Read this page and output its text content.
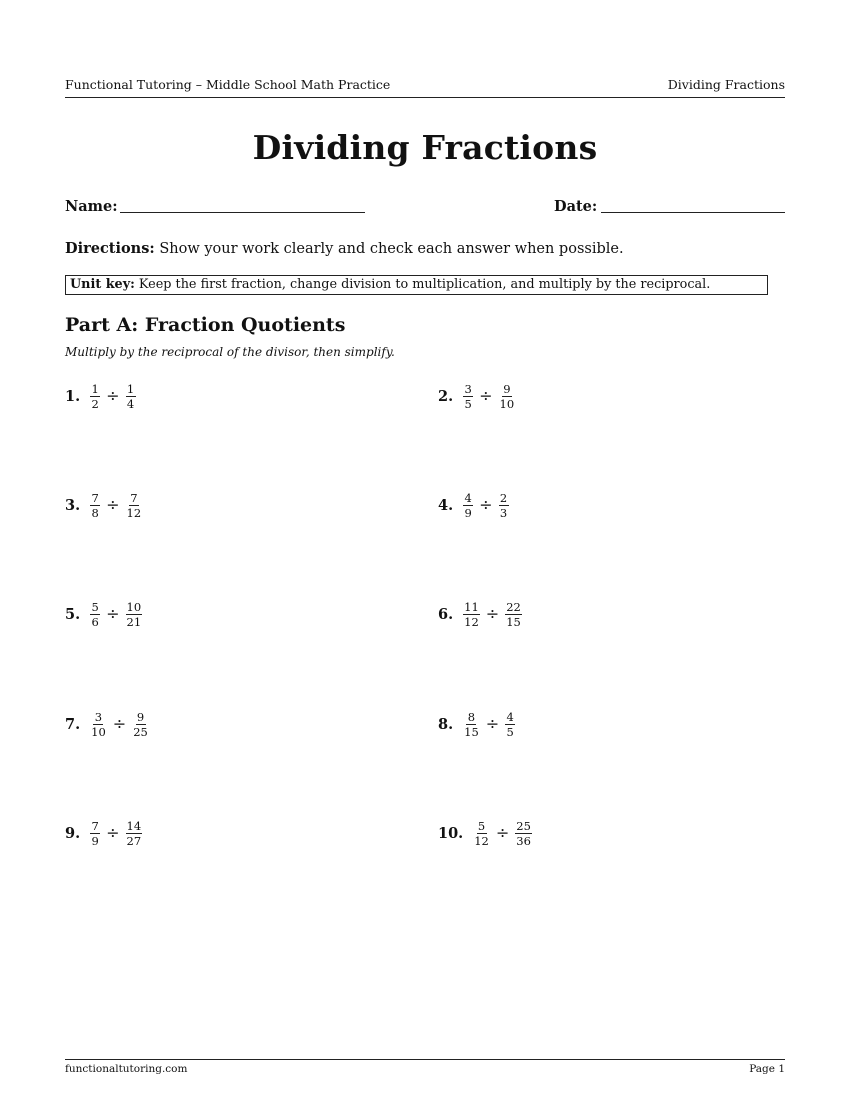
Functional Tutoring – Middle School Math Practice	Dividing Fractions
Dividing Fractions
Name:	Date:
Directions: Show your work clearly and check each answer when possible.
Unit key: Keep the first fraction, change division to multiplication, and multiply by the reciprocal.
Part A: Fraction Quotients
Multiply by the reciprocal of the divisor, then simplify.
1. $\frac{1}{2} \div \frac{1}{4}$	2. $\frac{3}{5} \div \frac{9}{10}$
3. $\frac{7}{8} \div \frac{7}{12}$	4. $\frac{4}{9} \div \frac{2}{3}$
5. $\frac{5}{6} \div \frac{10}{21}$	6. $\frac{11}{12} \div \frac{22}{15}$
7. $\frac{3}{10} \div \frac{9}{25}$	8. $\frac{8}{15} \div \frac{4}{5}$
9. $\frac{7}{9} \div \frac{14}{27}$	10. $\frac{5}{12} \div \frac{25}{36}$
functionaltutoring.com	Page 1
